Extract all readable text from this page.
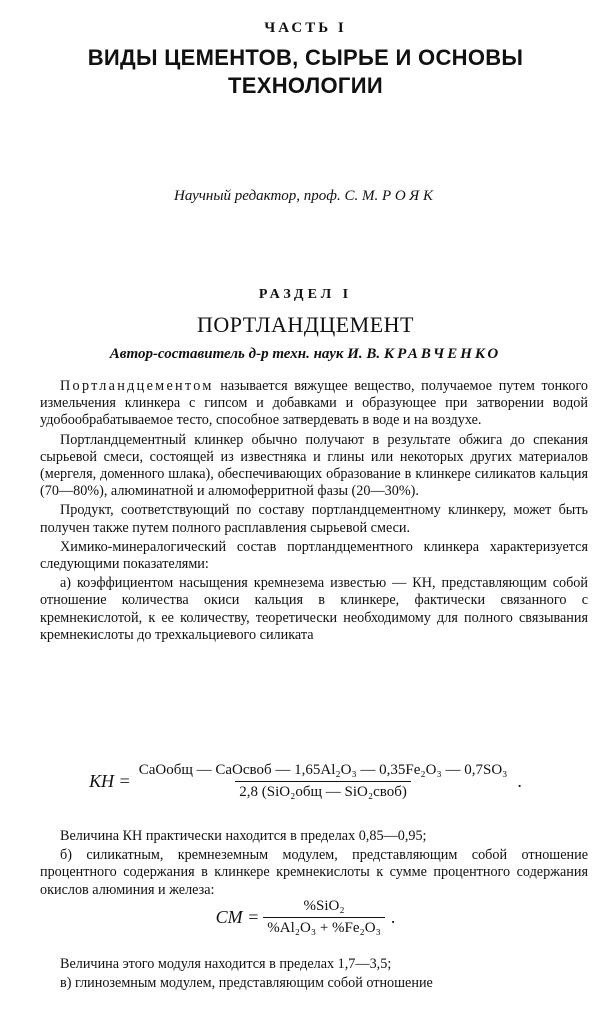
ЧАСТЬ I
ВИДЫ ЦЕМЕНТОВ, СЫРЬЕ И ОСНОВЫ ТЕХНОЛОГИИ
Научный редактор, проф. С. М. РОЯК
РАЗДЕЛ I
ПОРТЛАНДЦЕМЕНТ
Автор-составитель д-р техн. наук И. В. КРАВЧЕНКО

Портландцементом называется вяжущее вещество, получаемое путем тонкого измельчения клинкера с гипсом и добавками и образующее при затворении водой удобообрабатываемое тесто, способное затвердевать в воде и на воздухе.

Портландцементный клинкер обычно получают в результате обжига до спекания сырьевой смеси, состоящей из известняка и глины или некоторых других материалов (мергеля, доменного шлака), обеспечивающих образование в клинкере силикатов кальция (70—80%), алюминатной и алюмоферритной фазы (20—30%).

Продукт, соответствующий по составу портландцементному клинкеру, может быть получен также путем полного расплавления сырьевой смеси.

Химико-минералогический состав портландцементного клинкера характеризуется следующими показателями:

а) коэффициентом насыщения кремнезема известью — КН, представляющим собой отношение количества окиси кальция в клинкере, фактически связанного с кремнекислотой, к ее количеству, теоретически необходимому для полного связывания кремнекислоты до трехкальциевого силиката

КН = $\frac{\text{CaOобщ — CaOсвоб — 1,65Al₂O₃ — 0,35Fe₂O₃ — 0,7SO₃}}{\text{2,8 (SiO₂общ — SiO₂своб)}}$ .

Величина КН практически находится в пределах 0,85—0,95;

б) силикатным, кремнеземным модулем, представляющим собой отношение процентного содержания в клинкере кремнекислоты к сумме процентного содержания окислов алюминия и железа:

СМ = $\frac{\text{\%SiO₂}}{\text{\%Al₂O₃ + \%Fe₂O₃}}$ .

Величина этого модуля находится в пределах 1,7—3,5;

в) глиноземным модулем, представляющим собой отношение
